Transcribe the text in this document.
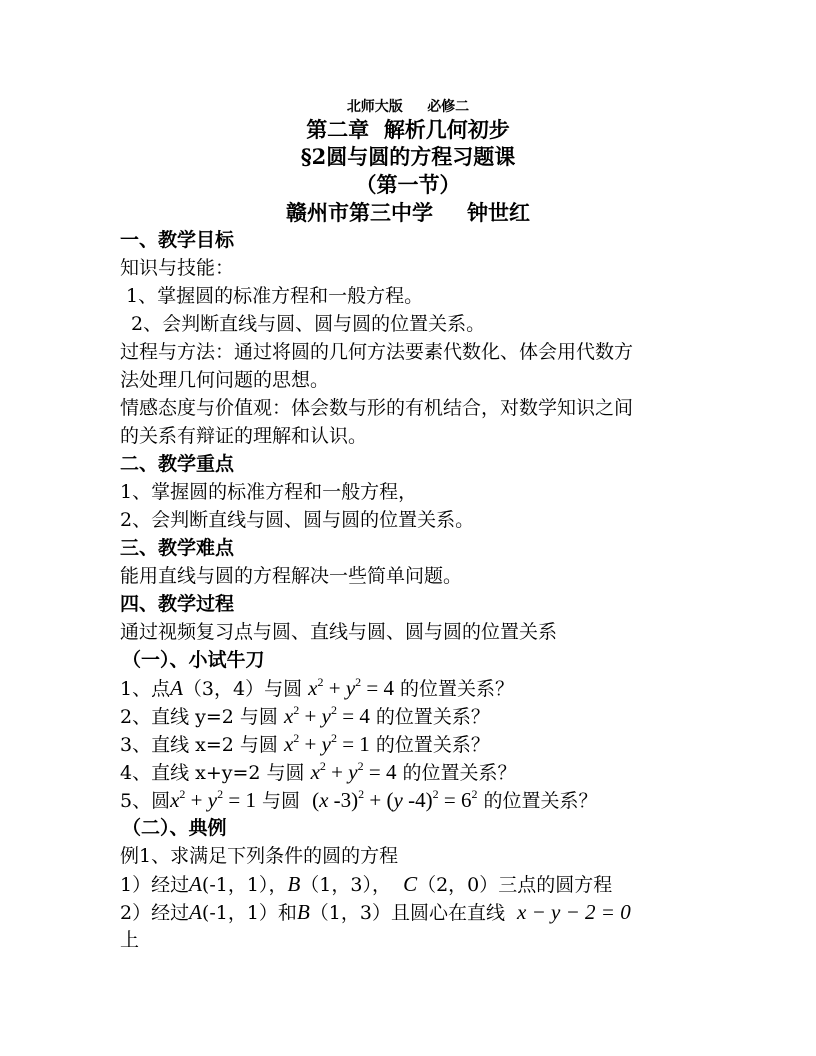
北师大版 必修二
第二章 解析几何初步
§2圆与圆的方程习题课
（第一节）
赣州市第三中学 钟世红
一、教学目标
知识与技能：
1、掌握圆的标准方程和一般方程。
2、会判断直线与圆、圆与圆的位置关系。
过程与方法：通过将圆的几何方法要素代数化、体会用代数方
法处理几何问题的思想。
情感态度与价值观：体会数与形的有机结合，对数学知识之间
的关系有辩证的理解和认识。
二、教学重点
1、掌握圆的标准方程和一般方程，
2、会判断直线与圆、圆与圆的位置关系。
三、教学难点
能用直线与圆的方程解决一些简单问题。
四、教学过程
通过视频复习点与圆、直线与圆、圆与圆的位置关系
（一）、小试牛刀
1、点A（3，4）与圆 $x^2 + y^2 = 4$ 的位置关系？
2、直线 y=2 与圆 $x^2 + y^2 = 4$ 的位置关系？
3、直线 x=2 与圆 $x^2 + y^2 = 1$ 的位置关系？
4、直线 x+y=2 与圆 $x^2 + y^2 = 4$ 的位置关系？
5、圆$x^2 + y^2 = 1$ 与圆 (x -3)$^2$ + (y $-4)^2 = 6^2$ 的位置关系？
（二）、典例
例1、求满足下列条件的圆的方程
1）经过A(-1，1），B（1，3）， C（2，0）三点的圆方程
2）经过A(-1，1）和B（1，3）且圆心在直线 x − y − 2 = 0
上
